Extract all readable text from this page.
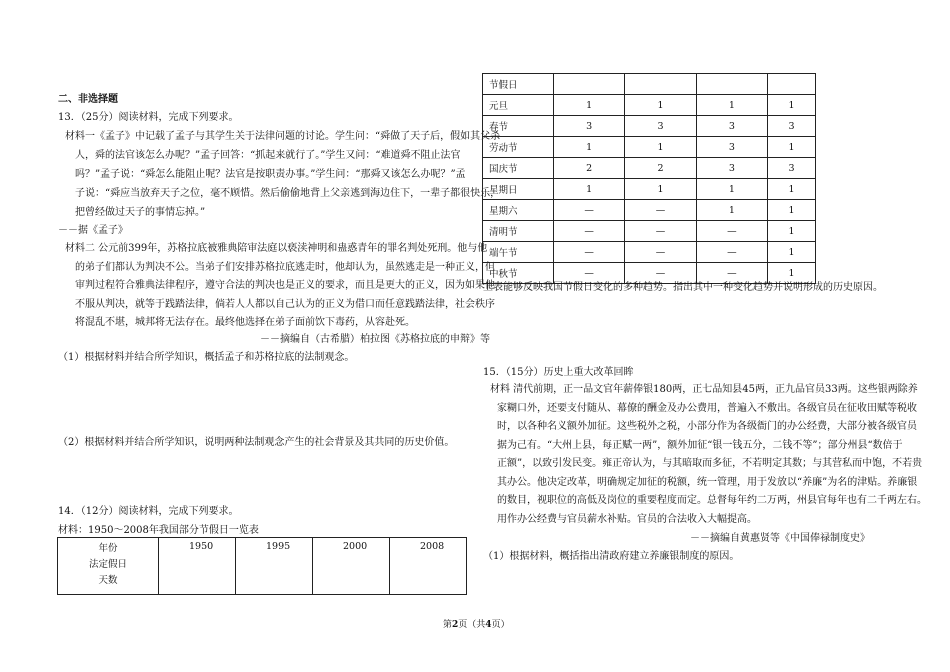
二、非选择题
13．（25分）阅读材料，完成下列要求。
材料一《孟子》中记载了孟子与其学生关于法律问题的讨论。学生问：“舜做了天子后，假如其父杀
人，舜的法官该怎么办呢？”孟子回答：“抓起来就行了。”学生又问：“难道舜不阻止法官
吗？”孟子说：“舜怎么能阻止呢？法官是按职责办事。”学生问：“那舜又该怎么办呢？”孟
子说：“舜应当放弃天子之位，毫不顾惜。然后偷偷地背上父亲逃到海边住下，一辈子都很快乐，
把曾经做过天子的事情忘掉。”
－－据《孟子》
材料二 公元前399年，苏格拉底被雅典陪审法庭以亵渎神明和蛊惑青年的罪名判处死刑。他与他
的弟子们都认为判决不公。当弟子们安排苏格拉底逃走时，他却认为，虽然逃走是一种正义，但
审判过程符合雅典法律程序，遵守合法的判决也是正义的要求，而且是更大的正义，因为如果他
不服从判决，就等于践踏法律，倘若人人都以自己认为的正义为借口而任意践踏法律，社会秩序
将混乱不堪，城邦将无法存在。最终他选择在弟子面前饮下毒药，从容赴死。
－－摘编自（古希腊）柏拉图《苏格拉底的申辩》等
（1）根据材料并结合所学知识，概括孟子和苏格拉底的法制观念。
（2）根据材料并结合所学知识，说明两种法制观念产生的社会背景及其共同的历史价值。
14．（12分）阅读材料，完成下列要求。
材料：1950～2008年我国部分节假日一览表
年份
法定假日
天数
	1950	1995	2000	2008
节假日				
元旦	1	1	1	1
春节	3	3	3	3
劳动节	1	1	3	1
国庆节	2	2	3	3
星期日	1	1	1	1
星期六	—	—	1	1
清明节	—	—	—	1
端午节	—	—	—	1
中秋节	—	—	—	1
上表能够反映我国节假日变化的多种趋势。指出其中一种变化趋势并说明形成的历史原因。
15．（15分）历史上重大改革回眸
材料 清代前期，正一品文官年薪俸银180两，正七品知县45两，正九品官员33两。这些银两除养
家糊口外，还要支付随从、幕僚的酬金及办公费用，普遍入不敷出。各级官员在征收田赋等税收
时，以各种名义额外加征。这些税外之税，小部分作为各级衙门的办公经费，大部分被各级官员
据为己有。“大州上县，每正赋一两”，额外加征“银一钱五分，二钱不等”；部分州县“数倍于
正额”，以致引发民变。雍正帝认为，与其暗取而多征，不若明定其数；与其营私而中饱，不若贵
其办公。他决定改革，明确规定加征的税额，统一管理，用于发放以“养廉”为名的津贴。养廉银
的数目，视职位的高低及岗位的重要程度而定。总督每年约二万两，州县官每年也有二千两左右。
用作办公经费与官员薪水补贴。官员的合法收入大幅提高。
－－摘编自黄惠贤等《中国俸禄制度史》
（1）根据材料，概括指出清政府建立养廉银制度的原因。
第2页（共4页）
